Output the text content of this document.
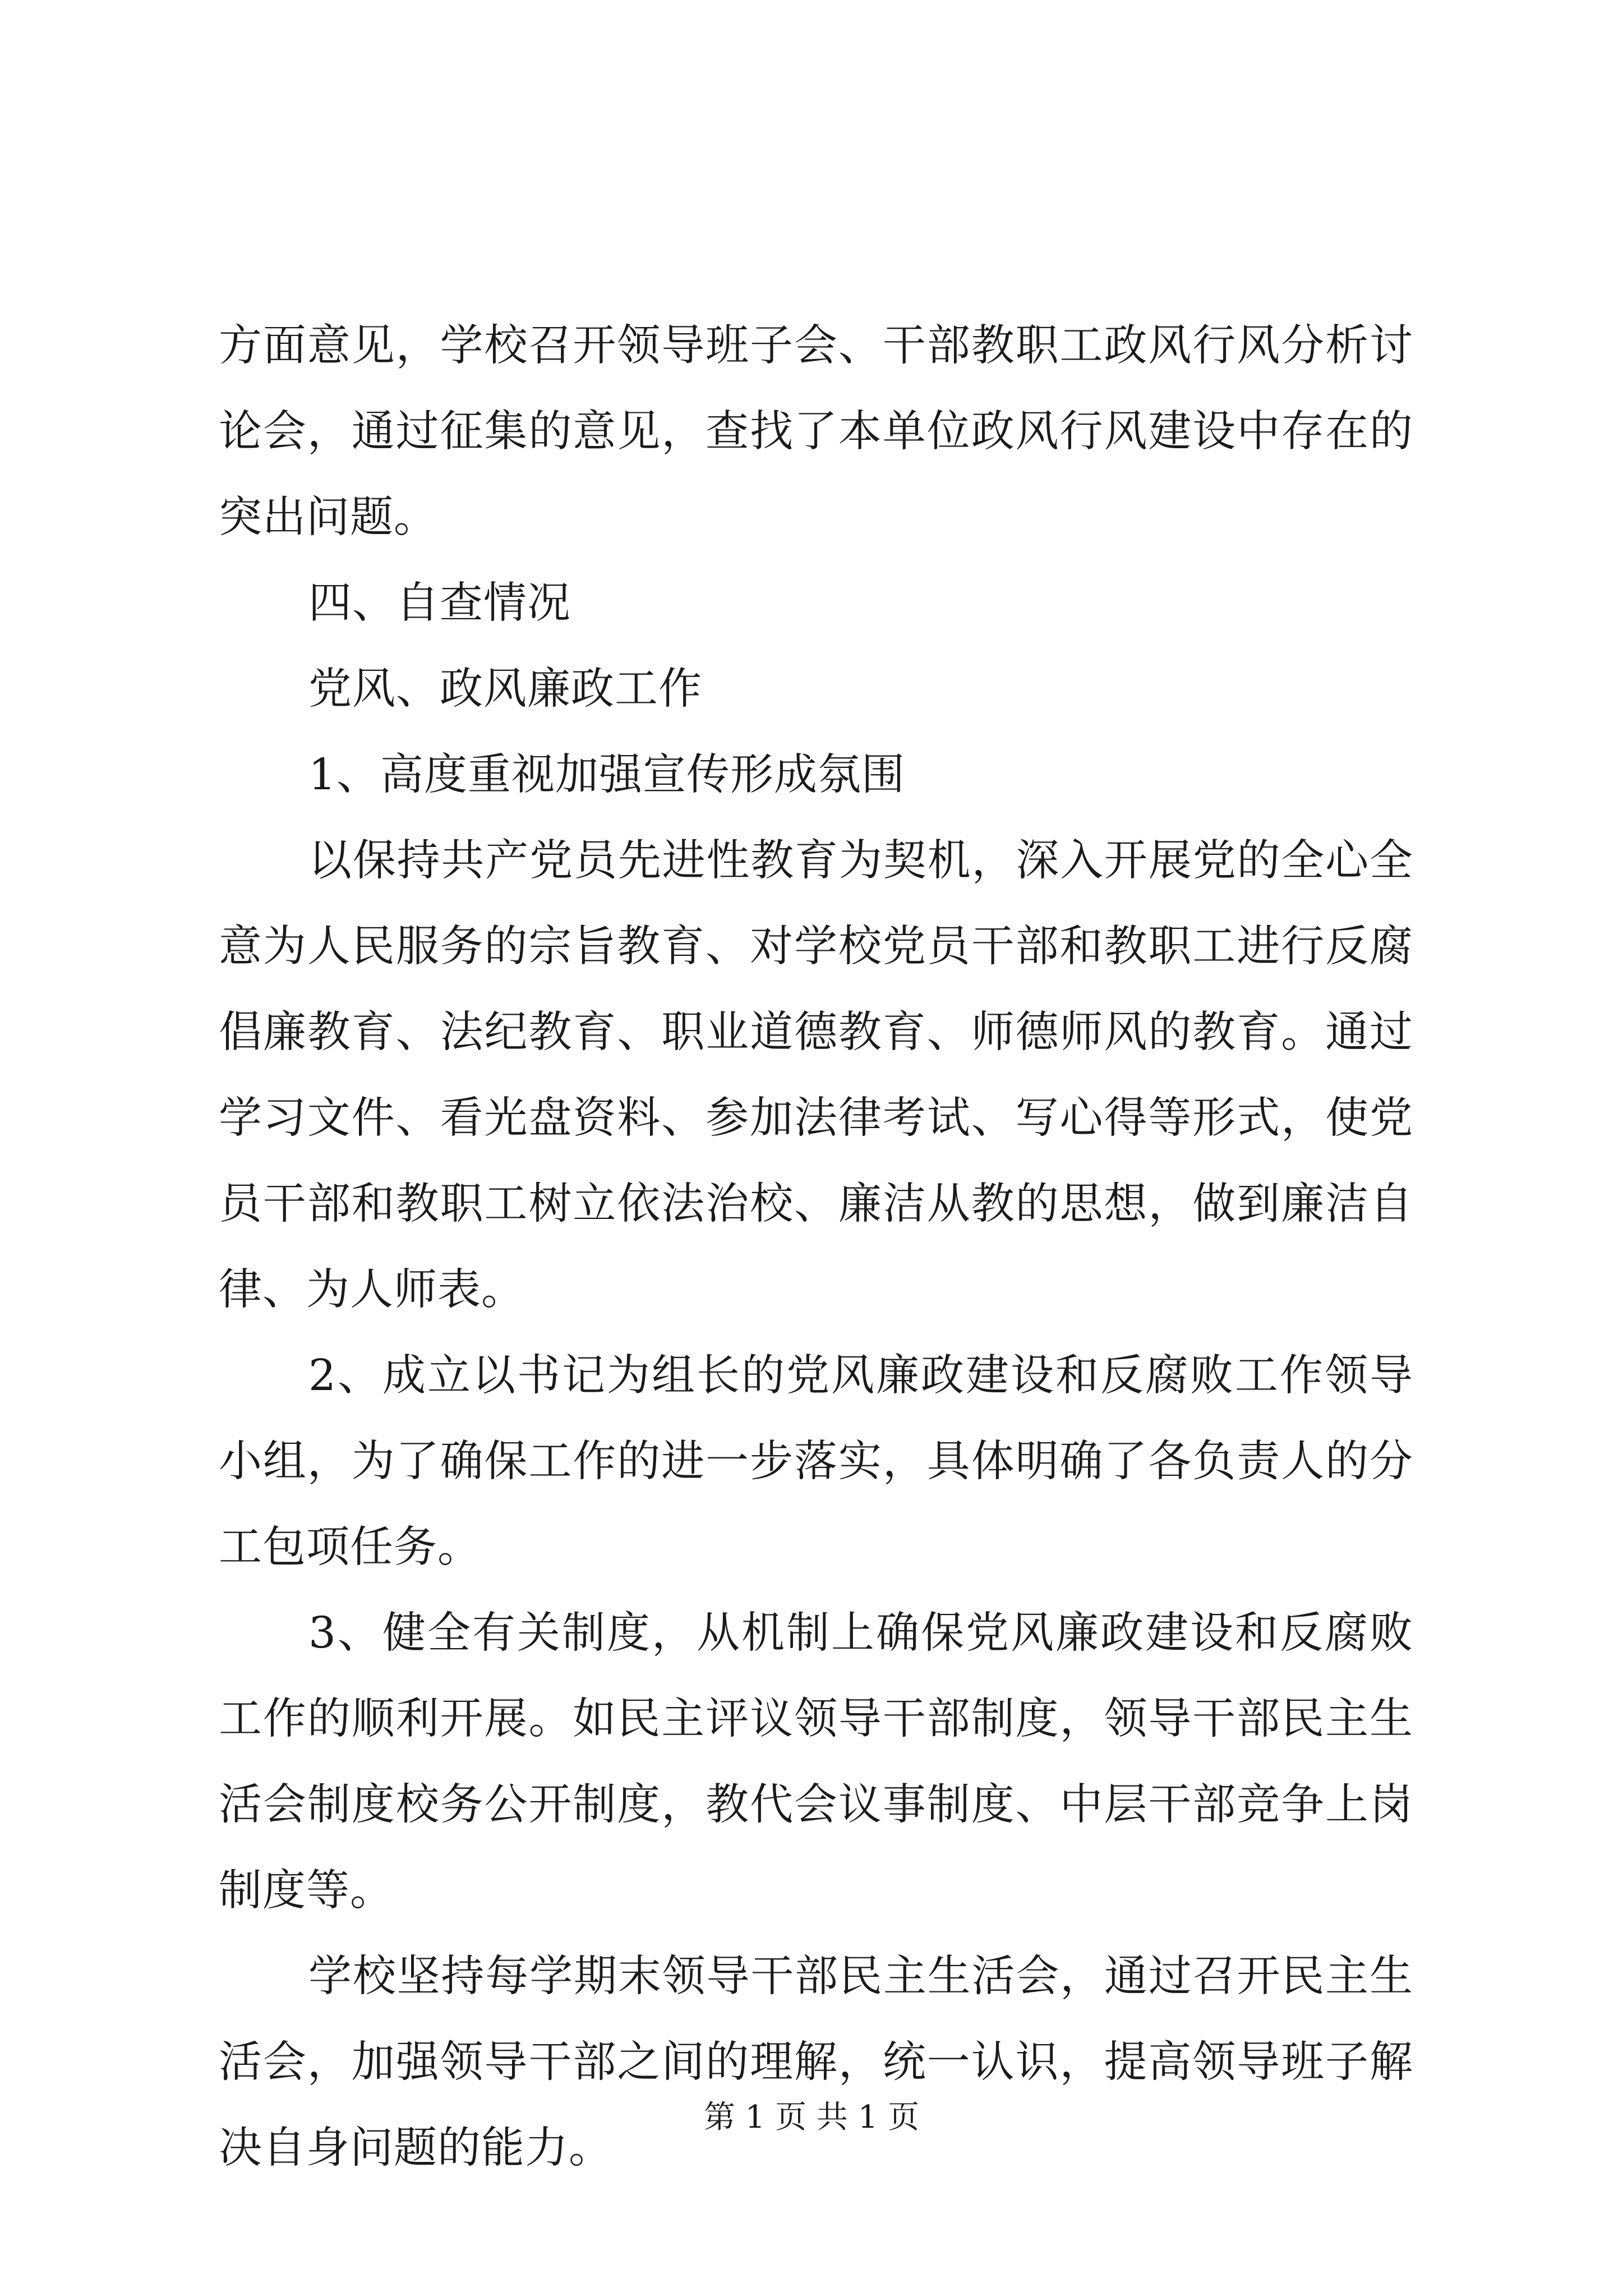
方面意见，学校召开领导班子会、干部教职工政风行风分析讨论会，通过征集的意见，查找了本单位政风行风建设中存在的突出问题。

四、自查情况

党风、政风廉政工作

1、高度重视加强宣传形成氛围

以保持共产党员先进性教育为契机，深入开展党的全心全意为人民服务的宗旨教育、对学校党员干部和教职工进行反腐倡廉教育、法纪教育、职业道德教育、师德师风的教育。通过学习文件、看光盘资料、参加法律考试、写心得等形式，使党员干部和教职工树立依法治校、廉洁从教的思想，做到廉洁自律、为人师表。

2、成立以书记为组长的党风廉政建设和反腐败工作领导小组，为了确保工作的进一步落实，具体明确了各负责人的分工包项任务。

3、健全有关制度，从机制上确保党风廉政建设和反腐败工作的顺利开展。如民主评议领导干部制度，领导干部民主生活会制度校务公开制度，教代会议事制度、中层干部竞争上岗制度等。

学校坚持每学期末领导干部民主生活会，通过召开民主生活会，加强领导干部之间的理解，统一认识，提高领导班子解决自身问题的能力。

第 1 页 共 1 页
